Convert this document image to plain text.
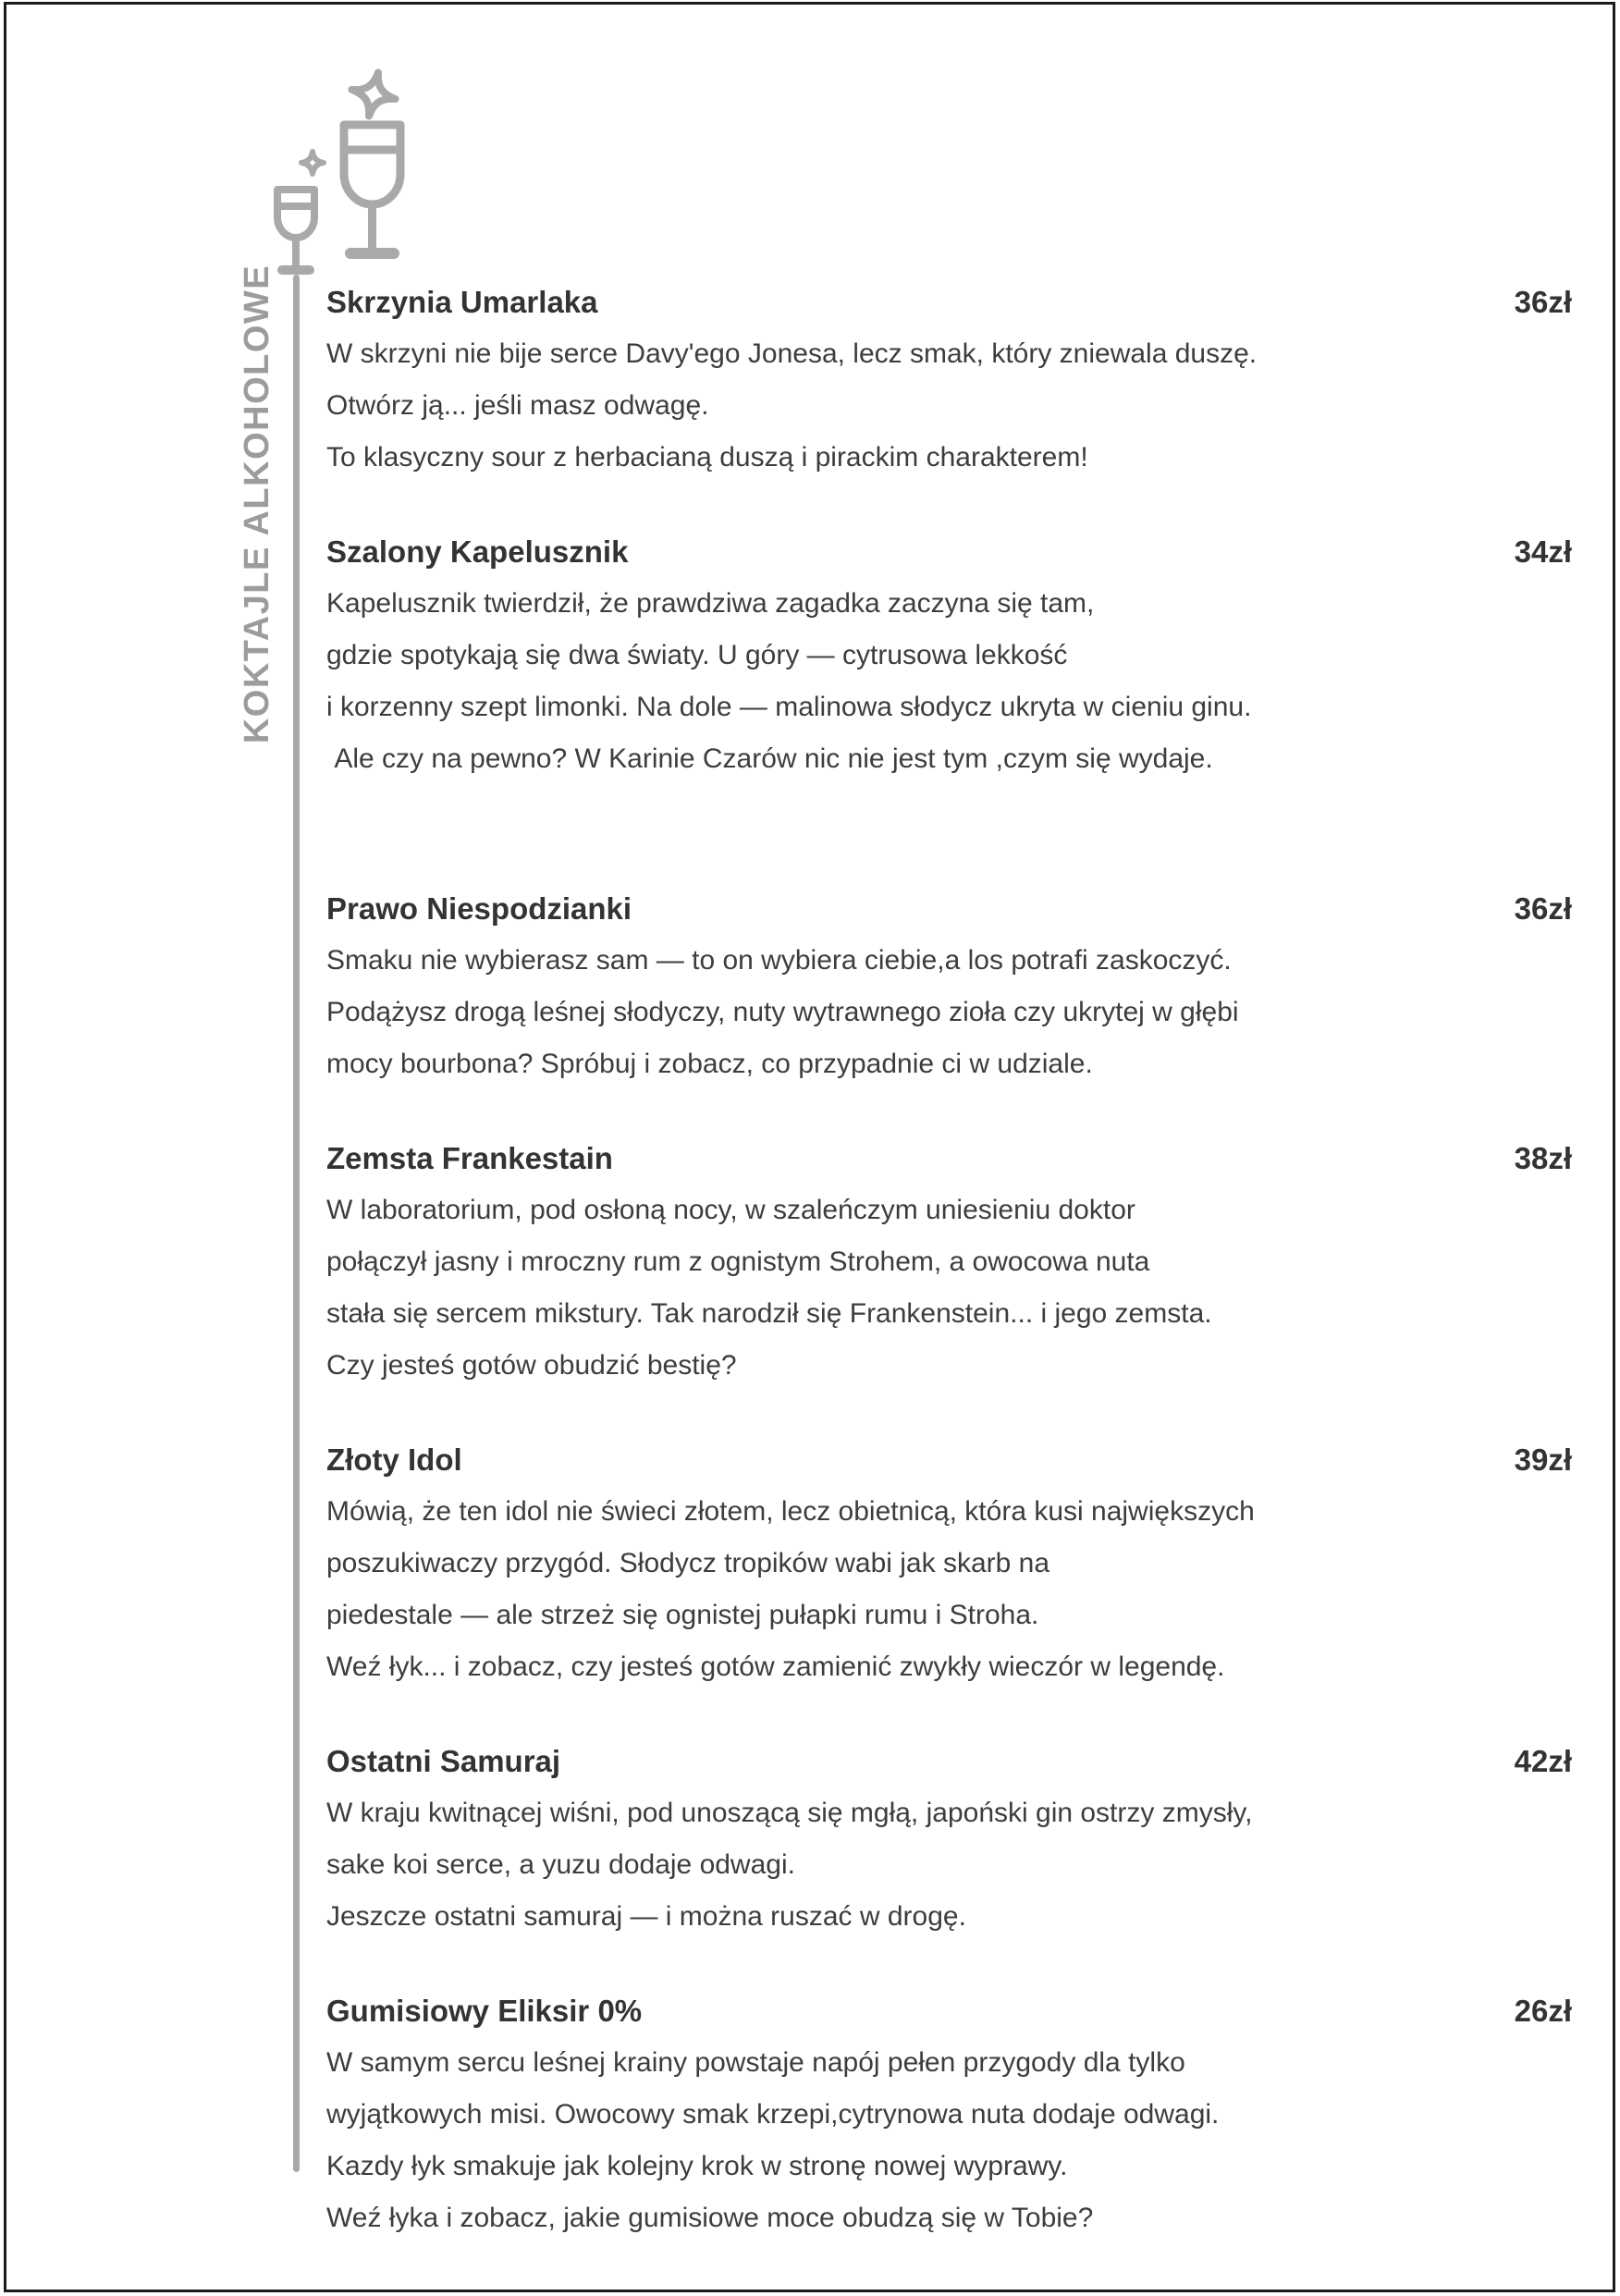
KOKTAJLE ALKOHOLOWE Skrzynia Umarlaka	36zł
W skrzyni nie bije serce Davy'ego Jonesa, lecz smak, który zniewala duszę.
Otwórz ją... jeśli masz odwagę.
To klasyczny sour z herbacianą duszą i pirackim charakterem!
Szalony Kapelusznik	34zł
Kapelusznik twierdził, że prawdziwa zagadka zaczyna się tam,
gdzie spotykają się dwa światy. U góry — cytrusowa lekkość
i korzenny szept limonki. Na dole — malinowa słodycz ukryta w cieniu ginu.
Ale czy na pewno? W Karinie Czarów nic nie jest tym ,czym się wydaje.
Prawo Niespodzianki	36zł
Smaku nie wybierasz sam — to on wybiera ciebie,a los potrafi zaskoczyć.
Podążysz drogą leśnej słodyczy, nuty wytrawnego zioła czy ukrytej w głębi
mocy bourbona? Spróbuj i zobacz, co przypadnie ci w udziale.
Zemsta Frankestain	38zł
W laboratorium, pod osłoną nocy, w szaleńczym uniesieniu doktor
połączył jasny i mroczny rum z ognistym Strohem, a owocowa nuta
stała się sercem mikstury. Tak narodził się Frankenstein... i jego zemsta.
Czy jesteś gotów obudzić bestię?
Złoty Idol	39zł
Mówią, że ten idol nie świeci złotem, lecz obietnicą, która kusi największych
poszukiwaczy przygód. Słodycz tropików wabi jak skarb na
piedestale — ale strzeż się ognistej pułapki rumu i Stroha.
Weź łyk... i zobacz, czy jesteś gotów zamienić zwykły wieczór w legendę.
Ostatni Samuraj	42zł
W kraju kwitnącej wiśni, pod unoszącą się mgłą, japoński gin ostrzy zmysły,
sake koi serce, a yuzu dodaje odwagi.
Jeszcze ostatni samuraj — i można ruszać w drogę.
Gumisiowy Eliksir 0%	26zł
W samym sercu leśnej krainy powstaje napój pełen przygody dla tylko
wyjątkowych misi. Owocowy smak krzepi,cytrynowa nuta dodaje odwagi.
Kazdy łyk smakuje jak kolejny krok w stronę nowej wyprawy.
Weź łyka i zobacz, jakie gumisiowe moce obudzą się w Tobie?
